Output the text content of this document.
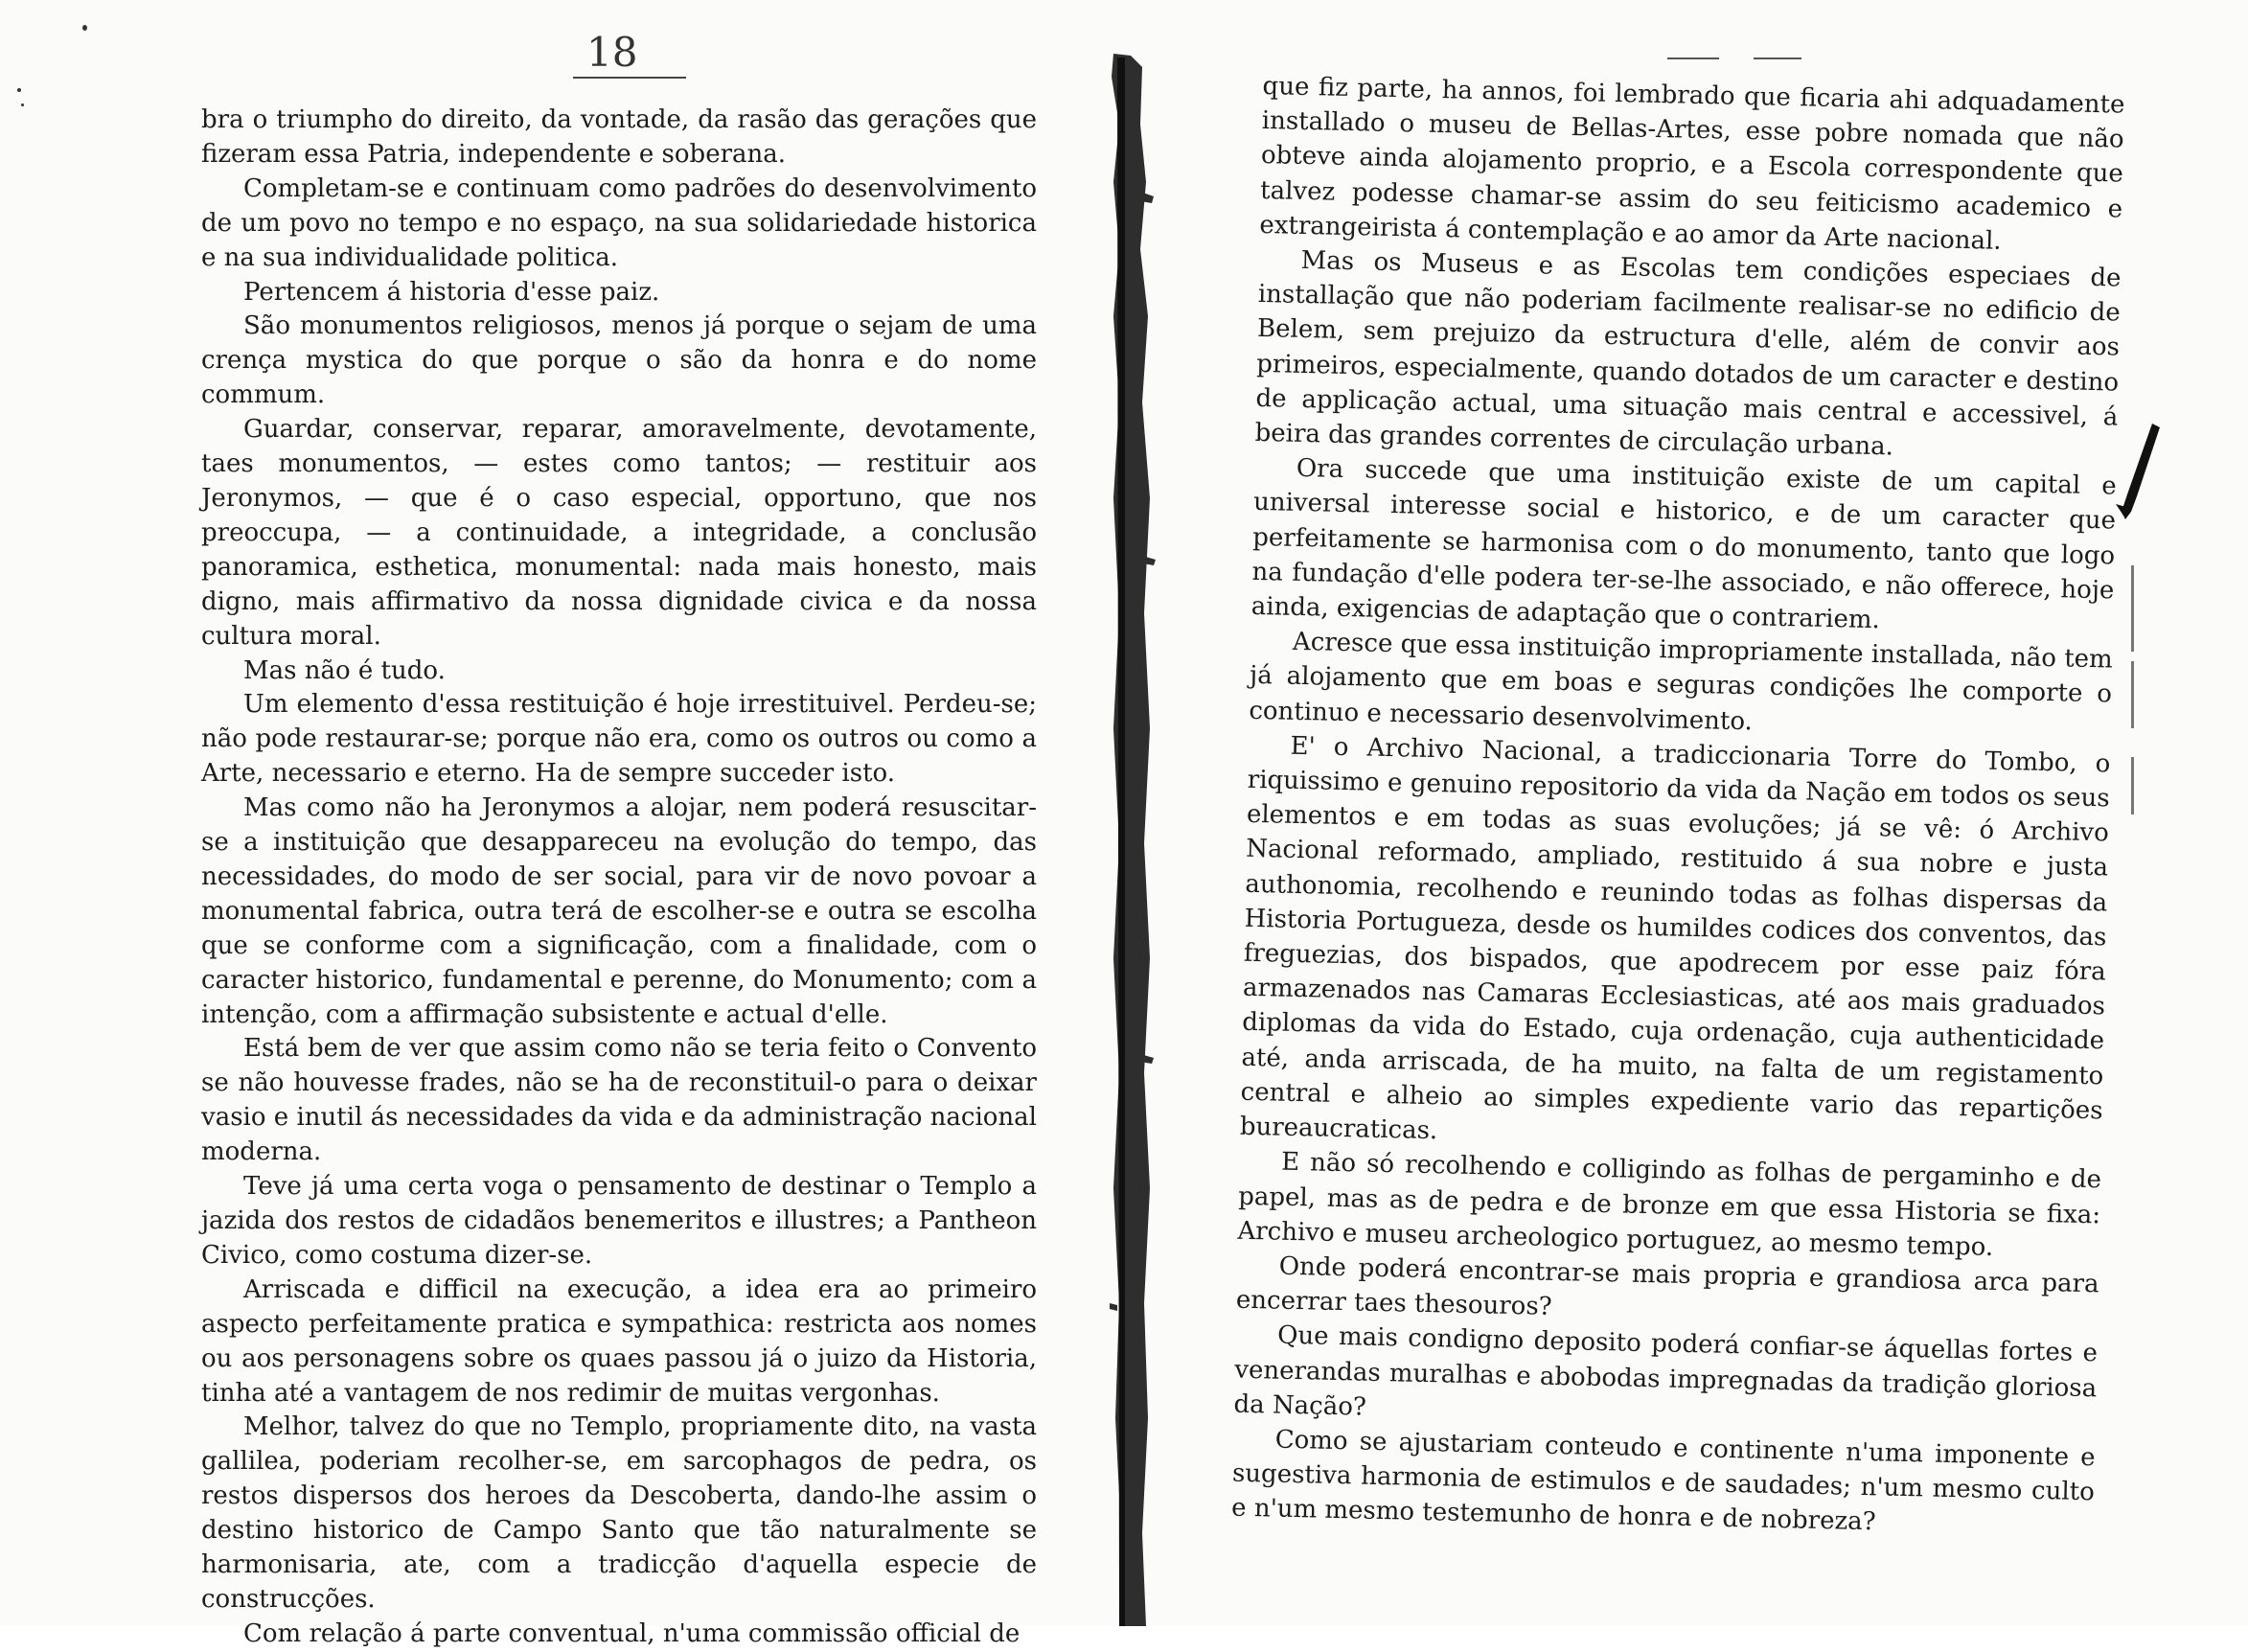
18

bra o triumpho do direito, da vontade, da rasão das gerações que fizeram essa Patria, independente e soberana.

Completam-se e continuam como padrões do desenvolvimento de um povo no tempo e no espaço, na sua solidariedade historica e na sua individualidade politica.

Pertencem á historia d'esse paiz.

São monumentos religiosos, menos já porque o sejam de uma crença mystica do que porque o são da honra e do nome commum.

Guardar, conservar, reparar, amoravelmente, devotamente, taes monumentos, — estes como tantos; — restituir aos Jeronymos, — que é o caso especial, opportuno, que nos preoccupa, — a continuidade, a integridade, a conclusão panoramica, esthetica, monumental: nada mais honesto, mais digno, mais affirmativo da nossa dignidade civica e da nossa cultura moral.

Mas não é tudo.

Um elemento d'essa restituição é hoje irrestituivel. Perdeu-se; não pode restaurar-se; porque não era, como os outros ou como a Arte, necessario e eterno. Ha de sempre succeder isto.

Mas como não ha Jeronymos a alojar, nem poderá resuscitar-se a instituição que desappareceu na evolução do tempo, das necessidades, do modo de ser social, para vir de novo povoar a monumental fabrica, outra terá de escolher-se e outra se escolha que se conforme com a significação, com a finalidade, com o caracter historico, fundamental e perenne, do Monumento; com a intenção, com a affirmação subsistente e actual d'elle.

Está bem de ver que assim como não se teria feito o Convento se não houvesse frades, não se ha de reconstituil-o para o deixar vasio e inutil ás necessidades da vida e da administração nacional moderna.

Teve já uma certa voga o pensamento de destinar o Templo a jazida dos restos de cidadãos benemeritos e illustres; a Pantheon Civico, como costuma dizer-se.

Arriscada e difficil na execução, a idea era ao primeiro aspecto perfeitamente pratica e sympathica: restricta aos nomes ou aos personagens sobre os quaes passou já o juizo da Historia, tinha até a vantagem de nos redimir de muitas vergonhas.

Melhor, talvez do que no Templo, propriamente dito, na vasta gallilea, poderiam recolher-se, em sarcophagos de pedra, os restos dispersos dos heroes da Descoberta, dando-lhe assim o destino historico de Campo Santo que tão naturalmente se harmonisaria, ate, com a tradicção d'aquella especie de construcções.

Com relação á parte conventual, n'uma commissão official de

que fiz parte, ha annos, foi lembrado que ficaria ahi adquadamente installado o museu de Bellas-Artes, esse pobre nomada que não obteve ainda alojamento proprio, e a Escola correspondente que talvez podesse chamar-se assim do seu feiticismo academico e extrangeirista á contemplação e ao amor da Arte nacional.

Mas os Museus e as Escolas tem condições especiaes de installação que não poderiam facilmente realisar-se no edificio de Belem, sem prejuizo da estructura d'elle, além de convir aos primeiros, especialmente, quando dotados de um caracter e destino de applicação actual, uma situação mais central e accessivel, á beira das grandes correntes de circulação urbana.

Ora succede que uma instituição existe de um capital e universal interesse social e historico, e de um caracter que perfeitamente se harmonisa com o do monumento, tanto que logo na fundação d'elle podera ter-se-lhe associado, e não offerece, hoje ainda, exigencias de adaptação que o contrariem.

Acresce que essa instituição impropriamente installada, não tem já alojamento que em boas e seguras condições lhe comporte o continuo e necessario desenvolvimento.

E' o Archivo Nacional, a tradiccionaria Torre do Tombo, o riquissimo e genuino repositorio da vida da Nação em todos os seus elementos e em todas as suas evoluções; já se vê: ó Archivo Nacional reformado, ampliado, restituido á sua nobre e justa authonomia, recolhendo e reunindo todas as folhas dispersas da Historia Portugueza, desde os humildes codices dos conventos, das freguezias, dos bispados, que apodrecem por esse paiz fóra armazenados nas Camaras Ecclesiasticas, até aos mais graduados diplomas da vida do Estado, cuja ordenação, cuja authenticidade até, anda arriscada, de ha muito, na falta de um registamento central e alheio ao simples expediente vario das repartições bureaucraticas.

E não só recolhendo e colligindo as folhas de pergaminho e de papel, mas as de pedra e de bronze em que essa Historia se fixa: Archivo e museu archeologico portuguez, ao mesmo tempo.

Onde poderá encontrar-se mais propria e grandiosa arca para encerrar taes thesouros?

Que mais condigno deposito poderá confiar-se áquellas fortes e venerandas muralhas e abobodas impregnadas da tradição gloriosa da Nação?

Como se ajustariam conteudo e continente n'uma imponente e sugestiva harmonia de estimulos e de saudades; n'um mesmo culto e n'um mesmo testemunho de honra e de nobreza?
